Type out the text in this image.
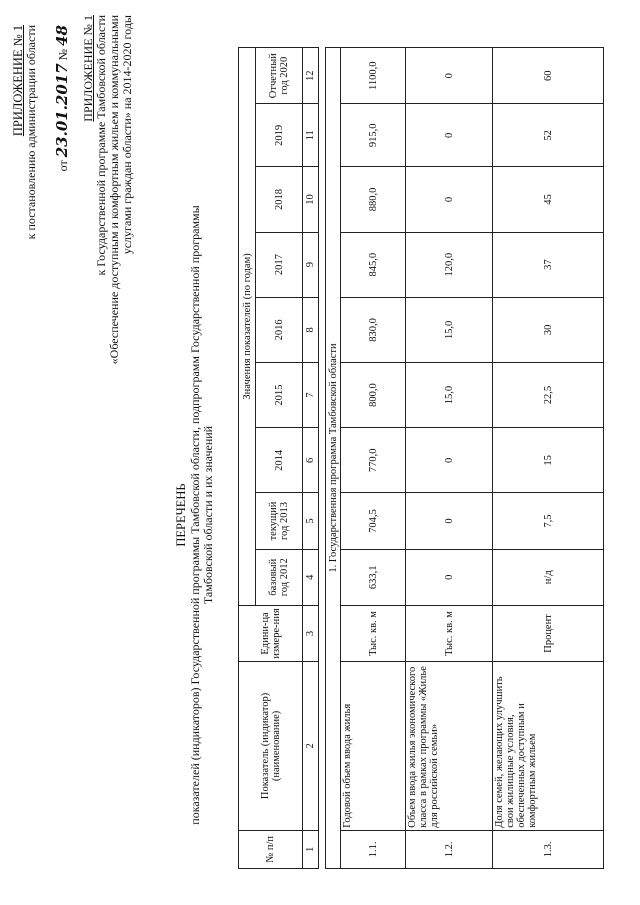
ПРИЛОЖЕНИЕ № 1 к постановлению администрации области от 23.01.2017 № 48 ПРИЛОЖЕНИЕ № 1 к Государственной программе Тамбовской области «Обеспечение доступным и комфортным жильем и коммунальными услугами граждан области» на 2014-2020 годы
ПЕРЕЧЕНЬ показателей (индикаторов) Государственной программы Тамбовской области, подпрограмм Государственной программы Тамбовской области и их значений
№ п/п	Показатель (индикатор) (наименование)	Едини-ца измере-ния	Значения показателей (по годам)								
			базовый год 2012	текущий год 2013	2014	2015	2016	2017	2018	2019	Отчетный год 2020
1	2	3	4	5	6	7	8	9	10	11	12

1. Государственная программа Тамбовской области											
1.1.	Годовой объем ввода жилья	Тыс. кв. м	633,1	704,5	770,0	800,0	830,0	845,0	880,0	915,0	1100,0
1.2.	Объем ввода жилья экономического класса в рамках программы «Жилье для российской семьи»	Тыс. кв. м	0	0	0	15,0	15,0	120,0	0	0	0
1.3.	Доля семей, желающих улучшить свои жилищные условия, обеспеченных доступным и комфортным жильем	Процент	н/д	7,5	15	22,5	30	37	45	52	60
